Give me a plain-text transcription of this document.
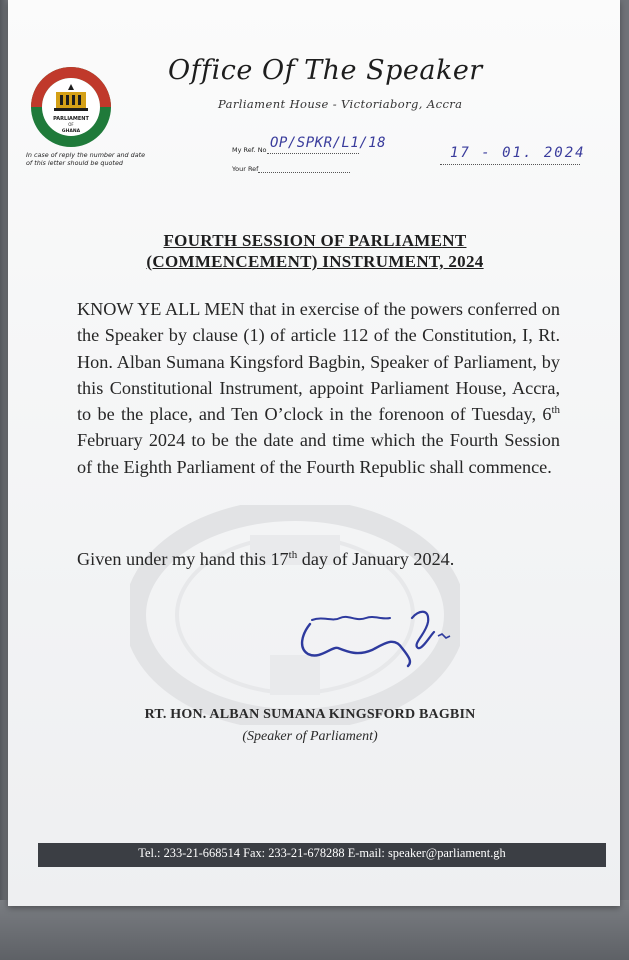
PARLIAMENT
OF
GHANA
In case of reply the number and date of this letter should be quoted
Office Of The Speaker
Parliament House - Victoriaborg, Accra
My Ref. No
Your Ref
OP/SPKR/L1/18
17 - 01. 2024
FOURTH SESSION OF PARLIAMENT
(COMMENCEMENT) INSTRUMENT, 2024
KNOW YE ALL MEN that in exercise of the powers conferred on the Speaker by clause (1) of article 112 of the Constitution, I, Rt. Hon. Alban Sumana Kingsford Bagbin, Speaker of Parliament, by this Constitutional Instrument, appoint Parliament House, Accra, to be the place, and Ten O’clock in the forenoon of Tuesday, 6th February 2024 to be the date and time which the Fourth Session of the Eighth Parliament of the Fourth Republic shall commence.
Given under my hand this 17th day of January 2024.
RT. HON. ALBAN SUMANA KINGSFORD BAGBIN
(Speaker of Parliament)
Tel.: 233-21-668514 Fax: 233-21-678288 E-mail: speaker@parliament.gh
